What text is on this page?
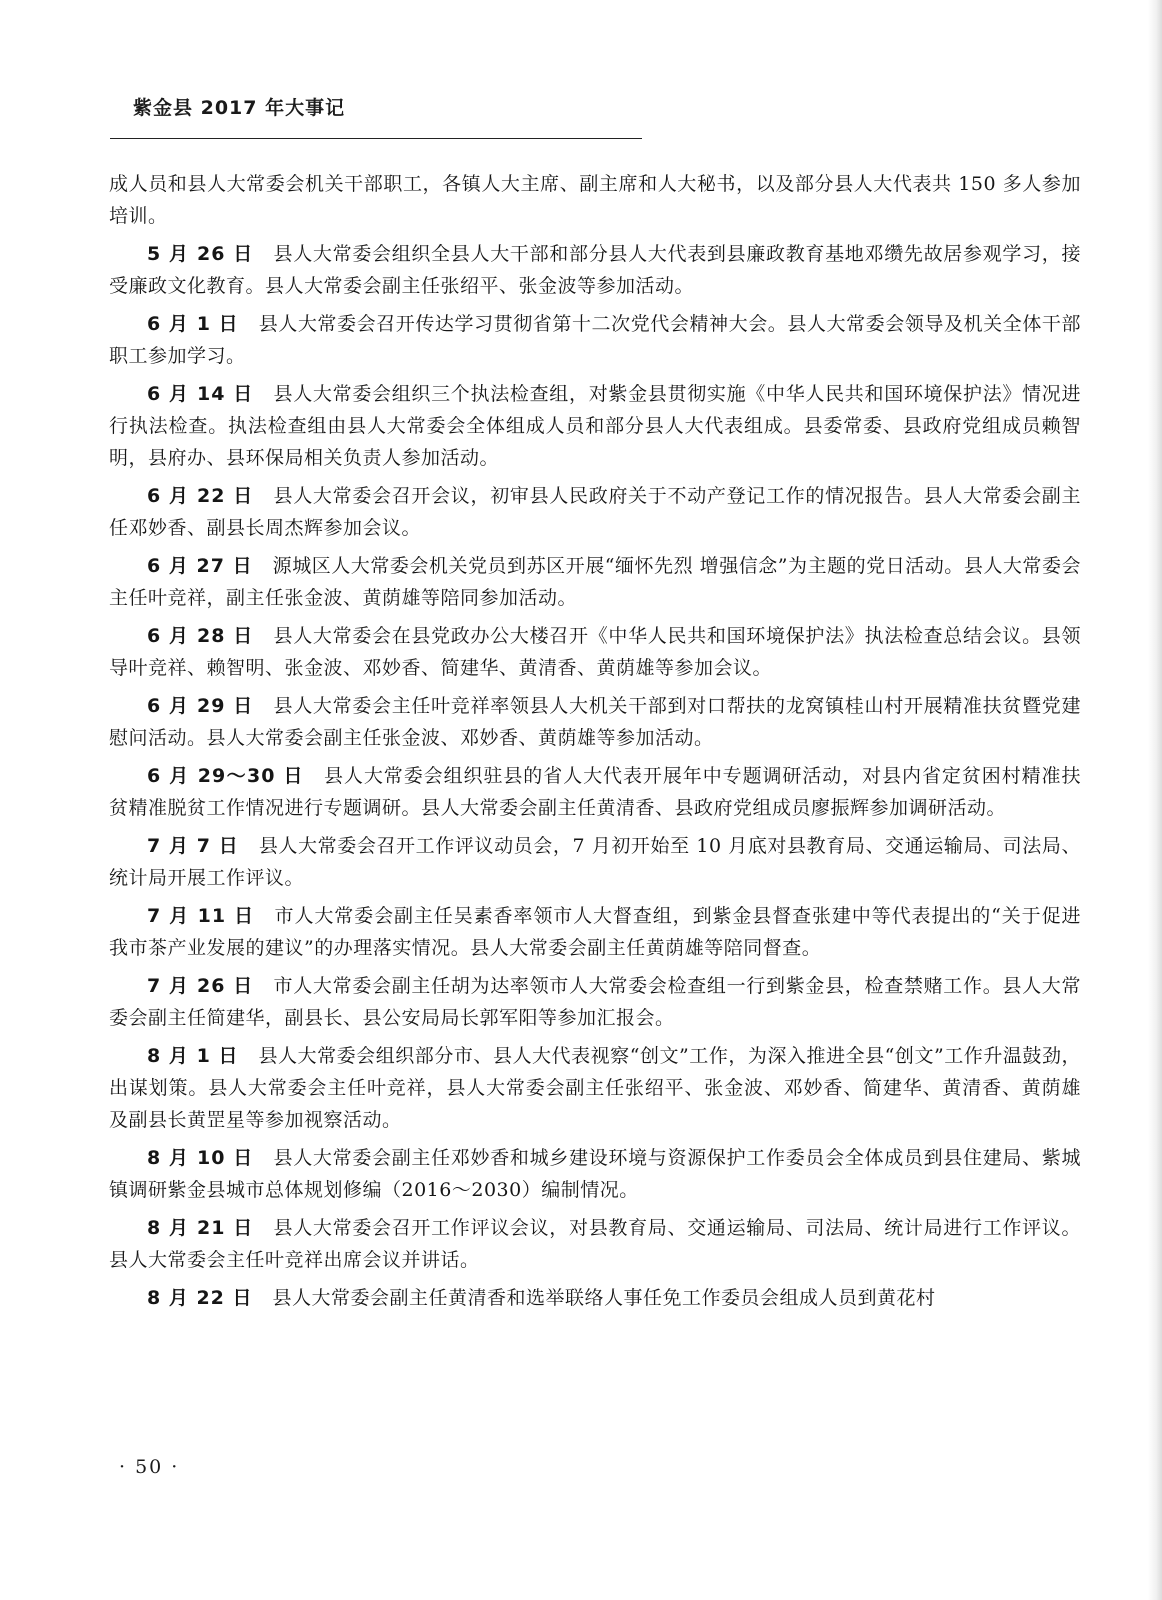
紫金县 2017 年大事记

成人员和县人大常委会机关干部职工，各镇人大主席、副主席和人大秘书，以及部分县人大代表共 150 多人参加培训。

5 月 26 日 县人大常委会组织全县人大干部和部分县人大代表到县廉政教育基地邓缵先故居参观学习，接受廉政文化教育。县人大常委会副主任张绍平、张金波等参加活动。

6 月 1 日 县人大常委会召开传达学习贯彻省第十二次党代会精神大会。县人大常委会领导及机关全体干部职工参加学习。

6 月 14 日 县人大常委会组织三个执法检查组，对紫金县贯彻实施《中华人民共和国环境保护法》情况进行执法检查。执法检查组由县人大常委会全体组成人员和部分县人大代表组成。县委常委、县政府党组成员赖智明，县府办、县环保局相关负责人参加活动。

6 月 22 日 县人大常委会召开会议，初审县人民政府关于不动产登记工作的情况报告。县人大常委会副主任邓妙香、副县长周杰辉参加会议。

6 月 27 日 源城区人大常委会机关党员到苏区开展“缅怀先烈 增强信念”为主题的党日活动。县人大常委会主任叶竞祥，副主任张金波、黄荫雄等陪同参加活动。

6 月 28 日 县人大常委会在县党政办公大楼召开《中华人民共和国环境保护法》执法检查总结会议。县领导叶竞祥、赖智明、张金波、邓妙香、简建华、黄清香、黄荫雄等参加会议。

6 月 29 日 县人大常委会主任叶竞祥率领县人大机关干部到对口帮扶的龙窝镇桂山村开展精准扶贫暨党建慰问活动。县人大常委会副主任张金波、邓妙香、黄荫雄等参加活动。

6 月 29～30 日 县人大常委会组织驻县的省人大代表开展年中专题调研活动，对县内省定贫困村精准扶贫精准脱贫工作情况进行专题调研。县人大常委会副主任黄清香、县政府党组成员廖振辉参加调研活动。

7 月 7 日 县人大常委会召开工作评议动员会，7 月初开始至 10 月底对县教育局、交通运输局、司法局、统计局开展工作评议。

7 月 11 日 市人大常委会副主任吴素香率领市人大督查组，到紫金县督查张建中等代表提出的“关于促进我市茶产业发展的建议”的办理落实情况。县人大常委会副主任黄荫雄等陪同督查。

7 月 26 日 市人大常委会副主任胡为达率领市人大常委会检查组一行到紫金县，检查禁赌工作。县人大常委会副主任简建华，副县长、县公安局局长郭军阳等参加汇报会。

8 月 1 日 县人大常委会组织部分市、县人大代表视察“创文”工作，为深入推进全县“创文”工作升温鼓劲，出谋划策。县人大常委会主任叶竞祥，县人大常委会副主任张绍平、张金波、邓妙香、简建华、黄清香、黄荫雄及副县长黄罡星等参加视察活动。

8 月 10 日 县人大常委会副主任邓妙香和城乡建设环境与资源保护工作委员会全体成员到县住建局、紫城镇调研紫金县城市总体规划修编（2016～2030）编制情况。

8 月 21 日 县人大常委会召开工作评议会议，对县教育局、交通运输局、司法局、统计局进行工作评议。县人大常委会主任叶竞祥出席会议并讲话。

8 月 22 日 县人大常委会副主任黄清香和选举联络人事任免工作委员会组成人员到黄花村

· 50 ·
